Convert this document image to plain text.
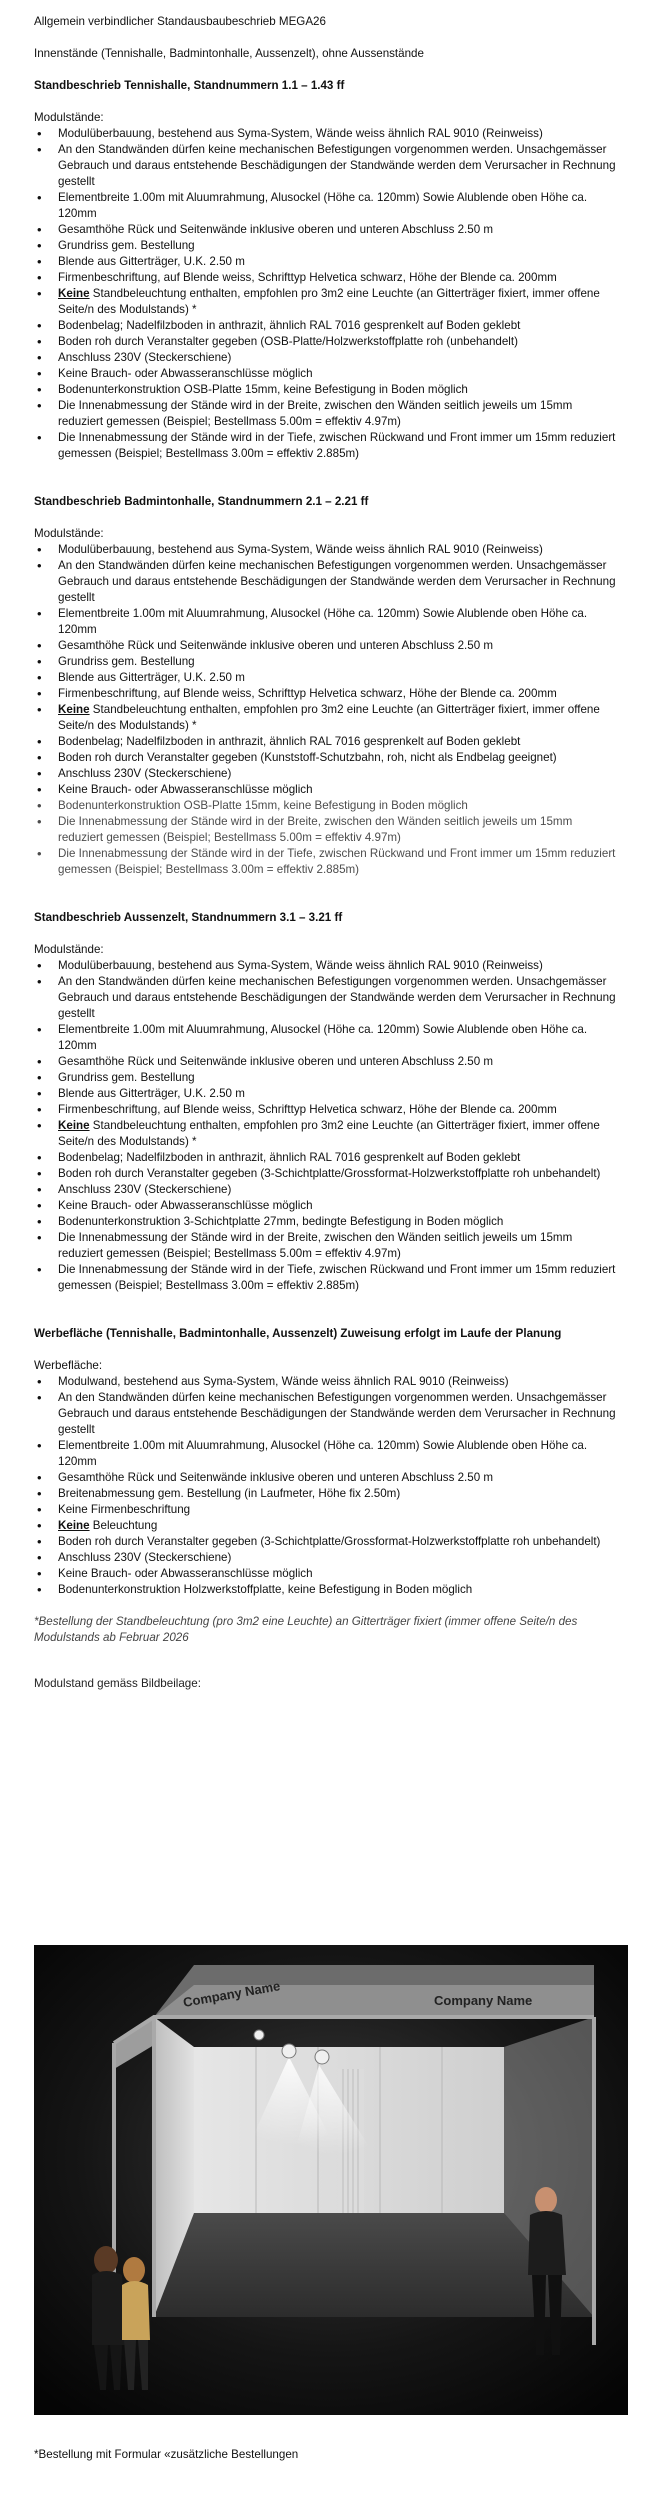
Allgemein verbindlicher Standausbaubeschrieb MEGA26

Innenstände (Tennishalle, Badmintonhalle, Aussenzelt), ohne Aussenstände

Standbeschrieb Tennishalle, Standnummern 1.1 – 1.43 ff

Modulstände:

• Modulüberbauung, bestehend aus Syma-System, Wände weiss ähnlich RAL 9010 (Reinweiss)
• An den Standwänden dürfen keine mechanischen Befestigungen vorgenommen werden. Unsachgemässer Gebrauch und daraus entstehende Beschädigungen der Standwände werden dem Verursacher in Rechnung gestellt
• Elementbreite 1.00m mit Aluumrahmung, Alusockel (Höhe ca. 120mm) Sowie Alublende oben Höhe ca. 120mm
• Gesamthöhe Rück und Seitenwände inklusive oberen und unteren Abschluss 2.50 m
• Grundriss gem. Bestellung
• Blende aus Gitterträger, U.K. 2.50 m
• Firmenbeschriftung, auf Blende weiss, Schrifttyp Helvetica schwarz, Höhe der Blende ca. 200mm
• Keine Standbeleuchtung enthalten, empfohlen pro 3m2 eine Leuchte (an Gitterträger fixiert, immer offene Seite/n des Modulstands) *
• Bodenbelag; Nadelfilzboden in anthrazit, ähnlich RAL 7016 gesprenkelt auf Boden geklebt
• Boden roh durch Veranstalter gegeben (OSB-Platte/Holzwerkstoffplatte roh (unbehandelt)
• Anschluss 230V (Steckerschiene)
• Keine Brauch- oder Abwasseranschlüsse möglich
• Bodenunterkonstruktion OSB-Platte 15mm, keine Befestigung in Boden möglich
• Die Innenabmessung der Stände wird in der Breite, zwischen den Wänden seitlich jeweils um 15mm reduziert gemessen (Beispiel; Bestellmass 5.00m = effektiv 4.97m)
• Die Innenabmessung der Stände wird in der Tiefe, zwischen Rückwand und Front immer um 15mm reduziert gemessen (Beispiel; Bestellmass 3.00m = effektiv 2.885m)

Standbeschrieb Badmintonhalle, Standnummern 2.1 – 2.21 ff

Modulstände:

• Modulüberbauung, bestehend aus Syma-System, Wände weiss ähnlich RAL 9010 (Reinweiss)
• An den Standwänden dürfen keine mechanischen Befestigungen vorgenommen werden. Unsachgemässer Gebrauch und daraus entstehende Beschädigungen der Standwände werden dem Verursacher in Rechnung gestellt
• Elementbreite 1.00m mit Aluumrahmung, Alusockel (Höhe ca. 120mm) Sowie Alublende oben Höhe ca. 120mm
• Gesamthöhe Rück und Seitenwände inklusive oberen und unteren Abschluss 2.50 m
• Grundriss gem. Bestellung
• Blende aus Gitterträger, U.K. 2.50 m
• Firmenbeschriftung, auf Blende weiss, Schrifttyp Helvetica schwarz, Höhe der Blende ca. 200mm
• Keine Standbeleuchtung enthalten, empfohlen pro 3m2 eine Leuchte (an Gitterträger fixiert, immer offene Seite/n des Modulstands) *
• Bodenbelag; Nadelfilzboden in anthrazit, ähnlich RAL 7016 gesprenkelt auf Boden geklebt
• Boden roh durch Veranstalter gegeben (Kunststoff-Schutzbahn, roh, nicht als Endbelag geeignet)
• Anschluss 230V (Steckerschiene)
• Keine Brauch- oder Abwasseranschlüsse möglich
• Bodenunterkonstruktion OSB-Platte 15mm, keine Befestigung in Boden möglich
• Die Innenabmessung der Stände wird in der Breite, zwischen den Wänden seitlich jeweils um 15mm reduziert gemessen (Beispiel; Bestellmass 5.00m = effektiv 4.97m)
• Die Innenabmessung der Stände wird in der Tiefe, zwischen Rückwand und Front immer um 15mm reduziert gemessen (Beispiel; Bestellmass 3.00m = effektiv 2.885m)

Standbeschrieb Aussenzelt, Standnummern 3.1 – 3.21 ff

Modulstände:

• Modulüberbauung, bestehend aus Syma-System, Wände weiss ähnlich RAL 9010 (Reinweiss)
• An den Standwänden dürfen keine mechanischen Befestigungen vorgenommen werden. Unsachgemässer Gebrauch und daraus entstehende Beschädigungen der Standwände werden dem Verursacher in Rechnung gestellt
• Elementbreite 1.00m mit Aluumrahmung, Alusockel (Höhe ca. 120mm) Sowie Alublende oben Höhe ca. 120mm
• Gesamthöhe Rück und Seitenwände inklusive oberen und unteren Abschluss 2.50 m
• Grundriss gem. Bestellung
• Blende aus Gitterträger, U.K. 2.50 m
• Firmenbeschriftung, auf Blende weiss, Schrifttyp Helvetica schwarz, Höhe der Blende ca. 200mm
• Keine Standbeleuchtung enthalten, empfohlen pro 3m2 eine Leuchte (an Gitterträger fixiert, immer offene Seite/n des Modulstands) *
• Bodenbelag; Nadelfilzboden in anthrazit, ähnlich RAL 7016 gesprenkelt auf Boden geklebt
• Boden roh durch Veranstalter gegeben (3-Schichtplatte/Grossformat-Holzwerkstoffplatte roh unbehandelt)
• Anschluss 230V (Steckerschiene)
• Keine Brauch- oder Abwasseranschlüsse möglich
• Bodenunterkonstruktion 3-Schichtplatte 27mm, bedingte Befestigung in Boden möglich
• Die Innenabmessung der Stände wird in der Breite, zwischen den Wänden seitlich jeweils um 15mm reduziert gemessen (Beispiel; Bestellmass 5.00m = effektiv 4.97m)
• Die Innenabmessung der Stände wird in der Tiefe, zwischen Rückwand und Front immer um 15mm reduziert gemessen (Beispiel; Bestellmass 3.00m = effektiv 2.885m)

Werbefläche (Tennishalle, Badmintonhalle, Aussenzelt) Zuweisung erfolgt im Laufe der Planung

Werbefläche:

• Modulwand, bestehend aus Syma-System, Wände weiss ähnlich RAL 9010 (Reinweiss)
• An den Standwänden dürfen keine mechanischen Befestigungen vorgenommen werden. Unsachgemässer Gebrauch und daraus entstehende Beschädigungen der Standwände werden dem Verursacher in Rechnung gestellt
• Elementbreite 1.00m mit Aluumrahmung, Alusockel (Höhe ca. 120mm) Sowie Alublende oben Höhe ca. 120mm
• Gesamthöhe Rück und Seitenwände inklusive oberen und unteren Abschluss 2.50 m
• Breitenabmessung gem. Bestellung (in Laufmeter, Höhe fix 2.50m)
• Keine Firmenbeschriftung
• Keine Beleuchtung
• Boden roh durch Veranstalter gegeben (3-Schichtplatte/Grossformat-Holzwerkstoffplatte roh unbehandelt)
• Anschluss 230V (Steckerschiene)
• Keine Brauch- oder Abwasseranschlüsse möglich
• Bodenunterkonstruktion Holzwerkstoffplatte, keine Befestigung in Boden möglich

*Bestellung der Standbeleuchtung (pro 3m2 eine Leuchte) an Gitterträger fixiert (immer offene Seite/n des Modulstands ab Februar 2026

Modulstand gemäss Bildbeilage:

Company Name	Company Name

*Bestellung mit Formular «zusätzliche Bestellungen
